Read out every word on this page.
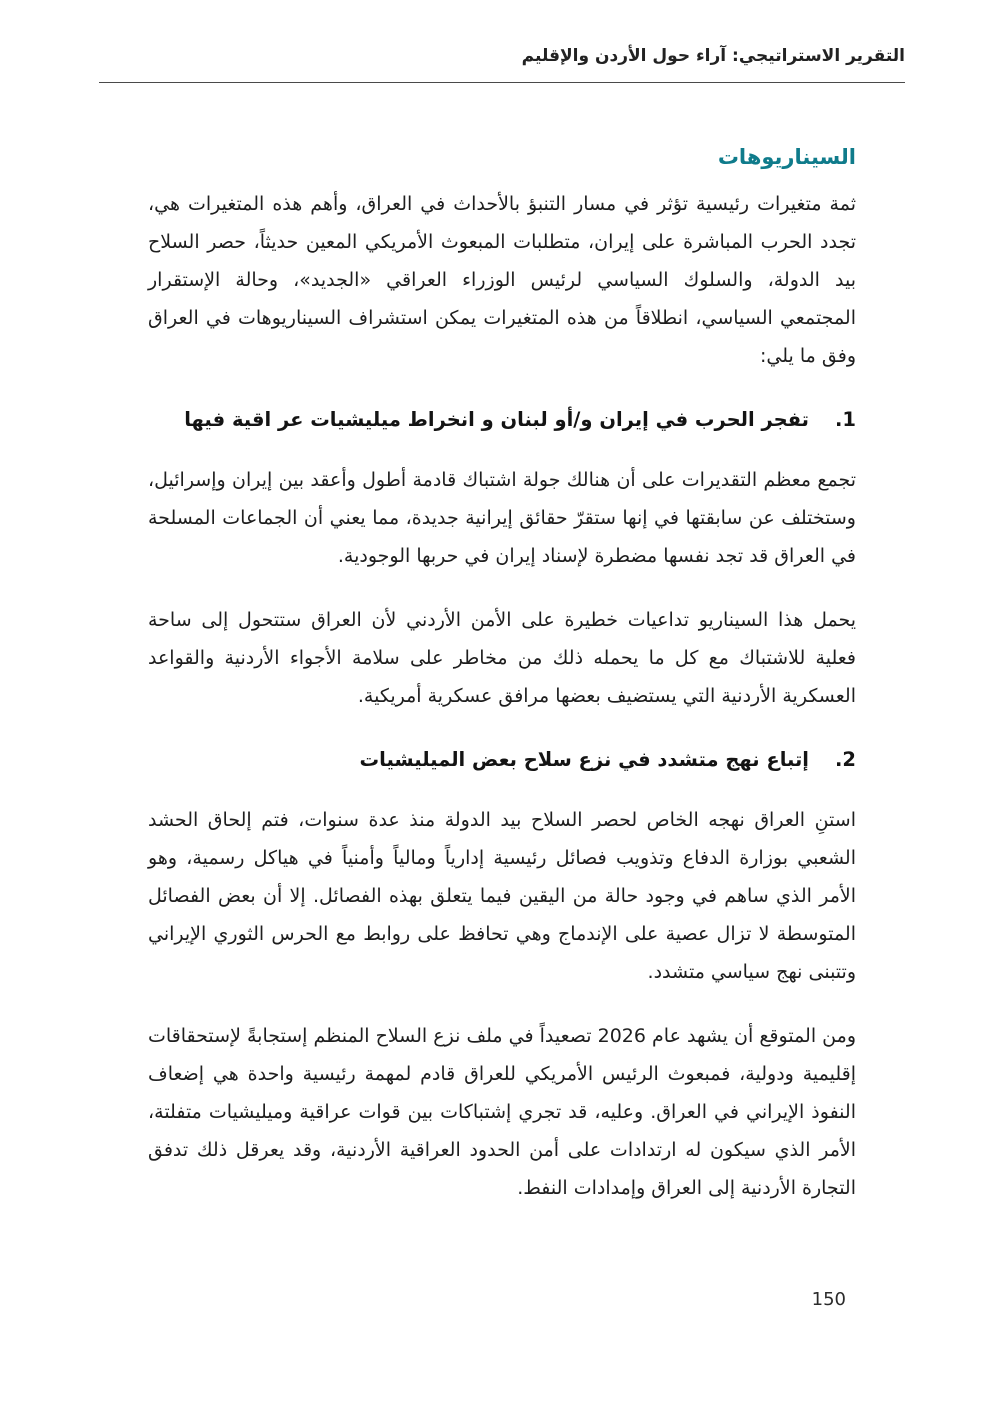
التقرير الاستراتيجي: آراء حول الأردن والإقليم
السيناريوهات

ثمة متغيرات رئيسية تؤثر في مسار التنبؤ بالأحداث في العراق، وأهم هذه المتغيرات هي، تجدد الحرب المباشرة على إيران، متطلبات المبعوث الأمريكي المعين حديثاً، حصر السلاح بيد الدولة، والسلوك السياسي لرئيس الوزراء العراقي «الجديد»، وحالة الإستقرار المجتمعي السياسي، انطلاقاً من هذه المتغيرات يمكن استشراف السيناريوهات في العراق وفق ما يلي:

1.
تفجر الحرب في إيران و/أو لبنان و انخراط ميليشيات عر اقية فيها

تجمع معظم التقديرات على أن هنالك جولة اشتباك قادمة أطول وأعقد بين إيران وإسرائيل، وستختلف عن سابقتها في إنها ستقرّ حقائق إيرانية جديدة، مما يعني أن الجماعات المسلحة في العراق قد تجد نفسها مضطرة لإسناد إيران في حربها الوجودية.

يحمل هذا السيناريو تداعيات خطيرة على الأمن الأردني لأن العراق ستتحول إلى ساحة فعلية للاشتباك مع كل ما يحمله ذلك من مخاطر على سلامة الأجواء الأردنية والقواعد العسكرية الأردنية التي يستضيف بعضها مرافق عسكرية أمريكية.

2.
إتباع نهج متشدد في نزع سلاح بعض الميليشيات

استنِ العراق نهجه الخاص لحصر السلاح بيد الدولة منذ عدة سنوات، فتم إلحاق الحشد الشعبي بوزارة الدفاع وتذويب فصائل رئيسية إدارياً ومالياً وأمنياً في هياكل رسمية، وهو الأمر الذي ساهم في وجود حالة من اليقين فيما يتعلق بهذه الفصائل. إلا أن بعض الفصائل المتوسطة لا تزال عصية على الإندماج وهي تحافظ على روابط مع الحرس الثوري الإيراني وتتبنى نهج سياسي متشدد.

ومن المتوقع أن يشهد عام 2026 تصعيداً في ملف نزع السلاح المنظم إستجابةً لإستحقاقات إقليمية ودولية، فمبعوث الرئيس الأمريكي للعراق قادم لمهمة رئيسية واحدة هي إضعاف النفوذ الإيراني في العراق. وعليه، قد تجري إشتباكات بين قوات عراقية وميليشيات متفلتة، الأمر الذي سيكون له ارتدادات على أمن الحدود العراقية الأردنية، وقد يعرقل ذلك تدفق التجارة الأردنية إلى العراق وإمدادات النفط.

150
